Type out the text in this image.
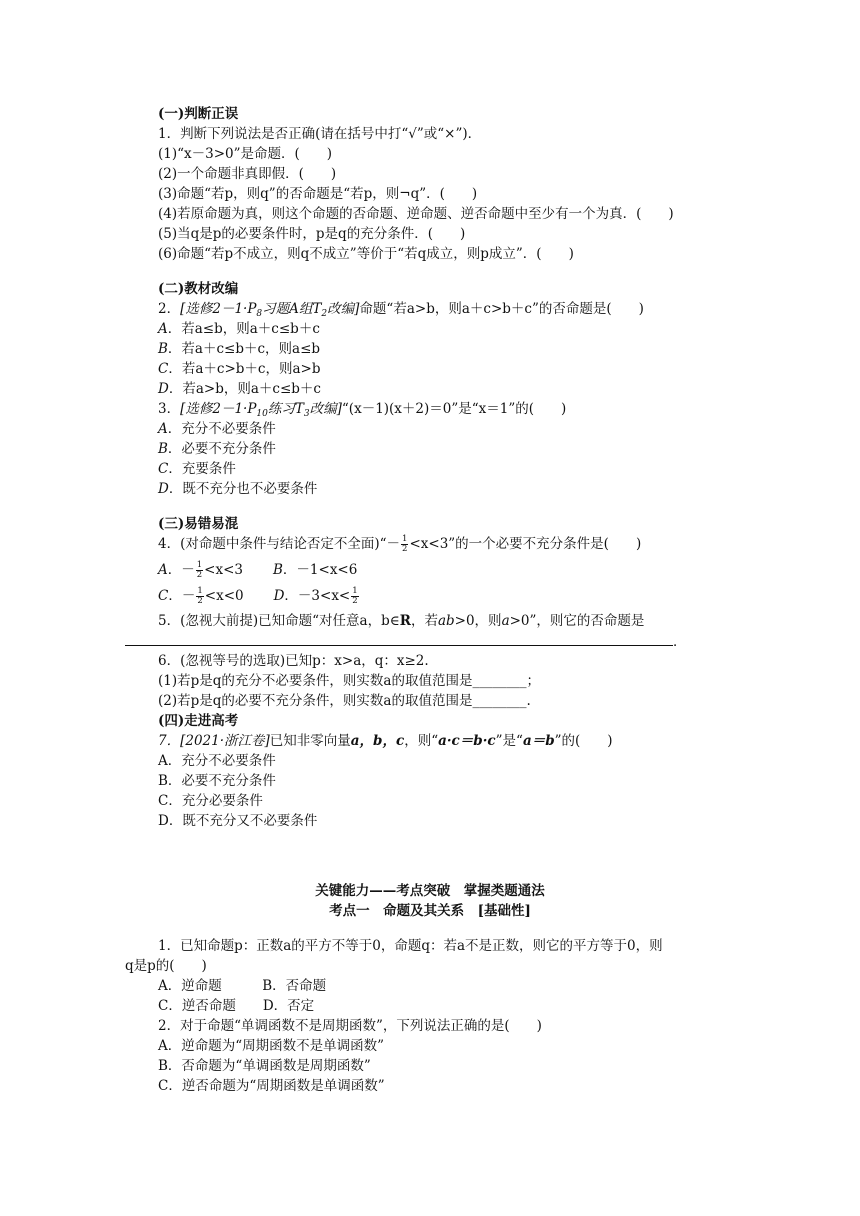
(一)判断正误
1．判断下列说法是否正确(请在括号中打“√”或“×”)．
(1)“x－3>0”是命题．(　　)
(2)一个命题非真即假．(　　)
(3)命题“若p，则q”的否命题是“若p，则¬q”．(　　)
(4)若原命题为真，则这个命题的否命题、逆命题、逆否命题中至少有一个为真．(　　)
(5)当q是p的必要条件时，p是q的充分条件．(　　)
(6)命题“若p不成立，则q不成立”等价于“若q成立，则p成立”．(　　)
(二)教材改编
2．[选修$2-1\cdot P_8$习题A组$T_2$改编]命题“若a>b，则a＋c>b＋c”的否命题是(　　)
A．若a≤b，则a＋c≤b＋c
B．若a＋c≤b＋c，则a≤b
C．若a＋c>b＋c，则a>b
D．若a>b，则a＋c≤b＋c
3．[选修$2-1\cdot P_{10}$练习$T_3$改编]“(x－1)(x＋2)＝0”是“x＝1”的(　　)
A．充分不必要条件
B．必要不充分条件
C．充要条件
D．既不充分也不必要条件
(三)易错易混
4．(对命题中条件与结论否定不全面)“－ $\frac{1}{2} <x<3$”的一个必要不充分条件是(　　)
A．－ $\frac{1}{2} <x<3$ B．－1<x<6
C．－ $\frac{1}{2} <x<0$ D．$-3<x< \frac{1}{2}$
5．(忽视大前提)已知命题“对任意a，b∈R，若ab>0，则a>0”，则它的否命题是
．
6．(忽视等号的选取)已知p：x>a，q：x≥2.
(1)若p是q的充分不必要条件，则实数a的取值范围是________；
(2)若p是q的必要不充分条件，则实数a的取值范围是________.
(四)走进高考
7．[2021·浙江卷]已知非零向量a，b，c，则“a·c＝b·c”是“a＝b”的(　　)
A．充分不必要条件
B．必要不充分条件
C．充分必要条件
D．既不充分又不必要条件
关键能力——考点突破　掌握类题通法
考点一　命题及其关系　[基础性]
1．已知命题p：正数a的平方不等于0，命题q：若a不是正数，则它的平方等于0，则
q是p的(　　)
A．逆命题　　　B．否命题
C．逆否命题　　D．否定
2．对于命题“单调函数不是周期函数”，下列说法正确的是(　　)
A．逆命题为“周期函数不是单调函数”
B．否命题为“单调函数是周期函数”
C．逆否命题为“周期函数是单调函数”
